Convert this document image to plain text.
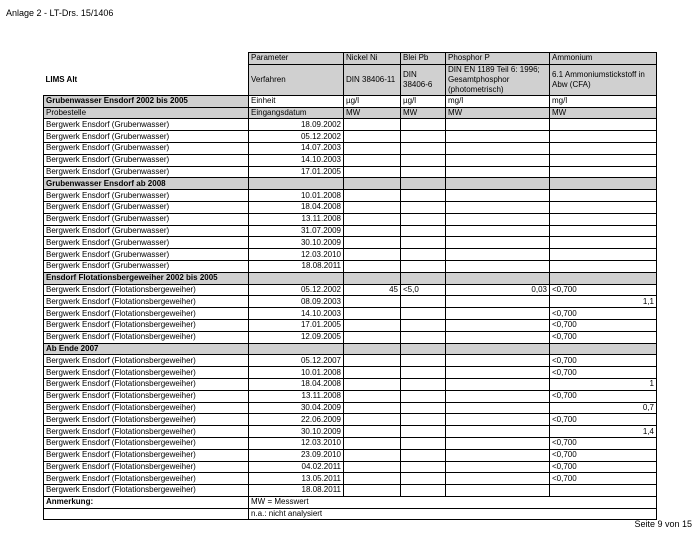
Anlage 2 - LT-Drs. 15/1406
	Parameter	Nickel Ni	Blei Pb	Phosphor P	Ammonium
LIMS Alt	Verfahren	DIN 38406-11	DIN 38406-6	DIN EN 1189 Teil 6: 1996; Gesamtphosphor (photometrisch)	6.1 Ammoniumstickstoff in Abw (CFA)
Grubenwasser Ensdorf 2002 bis 2005	Einheit	µg/l	µg/l	mg/l	mg/l
Probestelle	Eingangsdatum	MW	MW	MW	MW
Bergwerk Ensdorf (Grubenwasser)	18.09.2002				
Bergwerk Ensdorf (Grubenwasser)	05.12.2002				
Bergwerk Ensdorf (Grubenwasser)	14.07.2003				
Bergwerk Ensdorf (Grubenwasser)	14.10.2003				
Bergwerk Ensdorf (Grubenwasser)	17.01.2005				
Grubenwasser Ensdorf ab 2008					
Bergwerk Ensdorf (Grubenwasser)	10.01.2008				
Bergwerk Ensdorf (Grubenwasser)	18.04.2008				
Bergwerk Ensdorf (Grubenwasser)	13.11.2008				
Bergwerk Ensdorf (Grubenwasser)	31.07.2009				
Bergwerk Ensdorf (Grubenwasser)	30.10.2009				
Bergwerk Ensdorf (Grubenwasser)	12.03.2010				
Bergwerk Ensdorf (Grubenwasser)	18.08.2011				
Ensdorf Flotationsbergeweiher 2002 bis 2005					
Bergwerk Ensdorf (Flotationsbergeweiher)	05.12.2002	45	<5,0	0,03	<0,700
Bergwerk Ensdorf (Flotationsbergeweiher)	08.09.2003				1,1
Bergwerk Ensdorf (Flotationsbergeweiher)	14.10.2003				<0,700
Bergwerk Ensdorf (Flotationsbergeweiher)	17.01.2005				<0,700
Bergwerk Ensdorf (Flotationsbergeweiher)	12.09.2005				<0,700
Ab Ende 2007					
Bergwerk Ensdorf (Flotationsbergeweiher)	05.12.2007				<0,700
Bergwerk Ensdorf (Flotationsbergeweiher)	10.01.2008				<0,700
Bergwerk Ensdorf (Flotationsbergeweiher)	18.04.2008				1
Bergwerk Ensdorf (Flotationsbergeweiher)	13.11.2008				<0,700
Bergwerk Ensdorf (Flotationsbergeweiher)	30.04.2009				0,7
Bergwerk Ensdorf (Flotationsbergeweiher)	22.06.2009				<0,700
Bergwerk Ensdorf (Flotationsbergeweiher)	30.10.2009				1,4
Bergwerk Ensdorf (Flotationsbergeweiher)	12.03.2010				<0,700
Bergwerk Ensdorf (Flotationsbergeweiher)	23.09.2010				<0,700
Bergwerk Ensdorf (Flotationsbergeweiher)	04.02.2011				<0,700
Bergwerk Ensdorf (Flotationsbergeweiher)	13.05.2011				<0,700
Bergwerk Ensdorf (Flotationsbergeweiher)	18.08.2011				
Anmerkung:	MW = Messwert				
	n.a.: nicht analysiert				
Seite 9 von 15
